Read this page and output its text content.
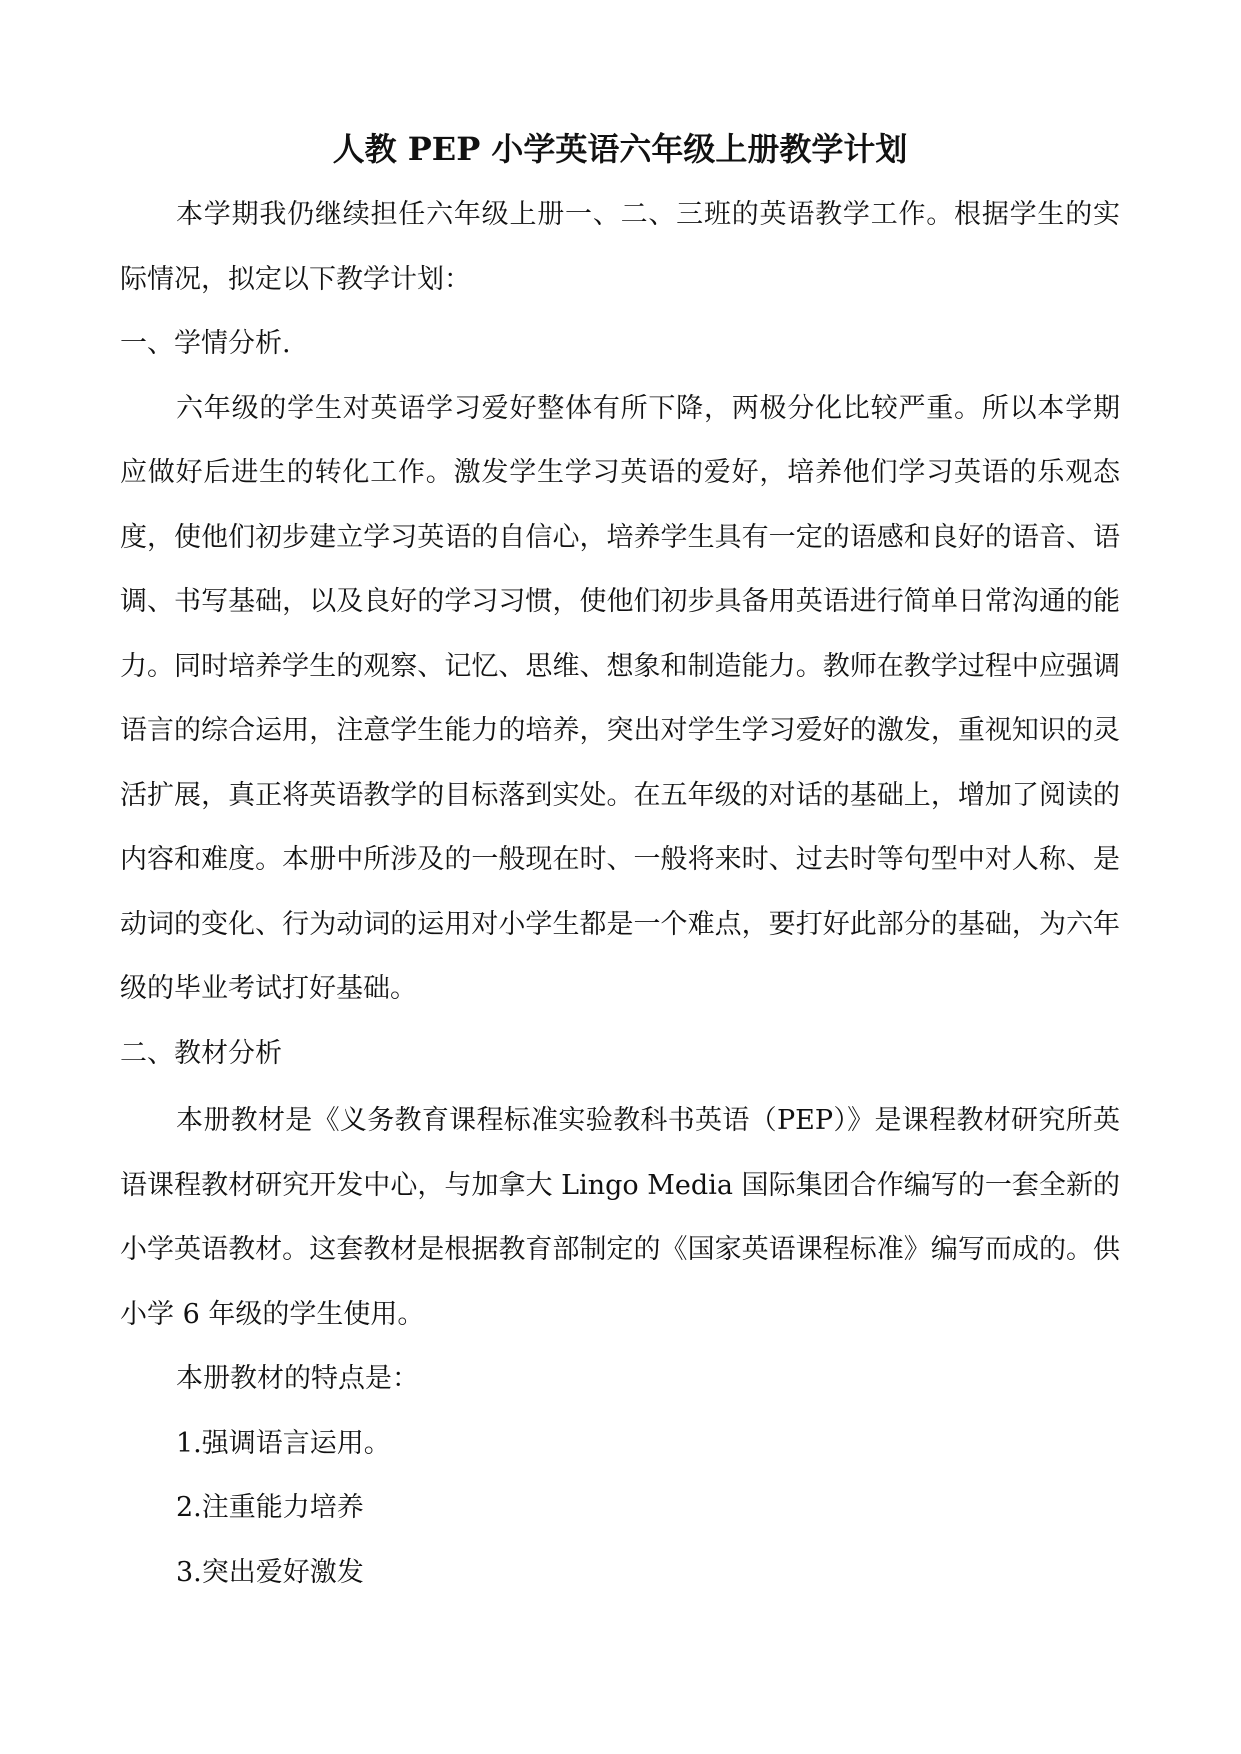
人教 PEP 小学英语六年级上册教学计划

本学期我仍继续担任六年级上册一、二、三班的英语教学工作。根据学生的实际情况，拟定以下教学计划：

一、学情分析.

六年级的学生对英语学习爱好整体有所下降，两极分化比较严重。所以本学期应做好后进生的转化工作。激发学生学习英语的爱好，培养他们学习英语的乐观态度，使他们初步建立学习英语的自信心，培养学生具有一定的语感和良好的语音、语调、书写基础，以及良好的学习习惯，使他们初步具备用英语进行简单日常沟通的能力。同时培养学生的观察、记忆、思维、想象和制造能力。教师在教学过程中应强调语言的综合运用，注意学生能力的培养，突出对学生学习爱好的激发，重视知识的灵活扩展，真正将英语教学的目标落到实处。在五年级的对话的基础上，增加了阅读的内容和难度。本册中所涉及的一般现在时、一般将来时、过去时等句型中对人称、是动词的变化、行为动词的运用对小学生都是一个难点，要打好此部分的基础，为六年级的毕业考试打好基础。

二、教材分析

本册教材是《义务教育课程标准实验教科书英语（PEP）》是课程教材研究所英语课程教材研究开发中心，与加拿大 Lingo Media 国际集团合作编写的一套全新的小学英语教材。这套教材是根据教育部制定的《国家英语课程标准》编写而成的。供小学 6 年级的学生使用。

本册教材的特点是：

1.强调语言运用。

2.注重能力培养

3.突出爱好激发
